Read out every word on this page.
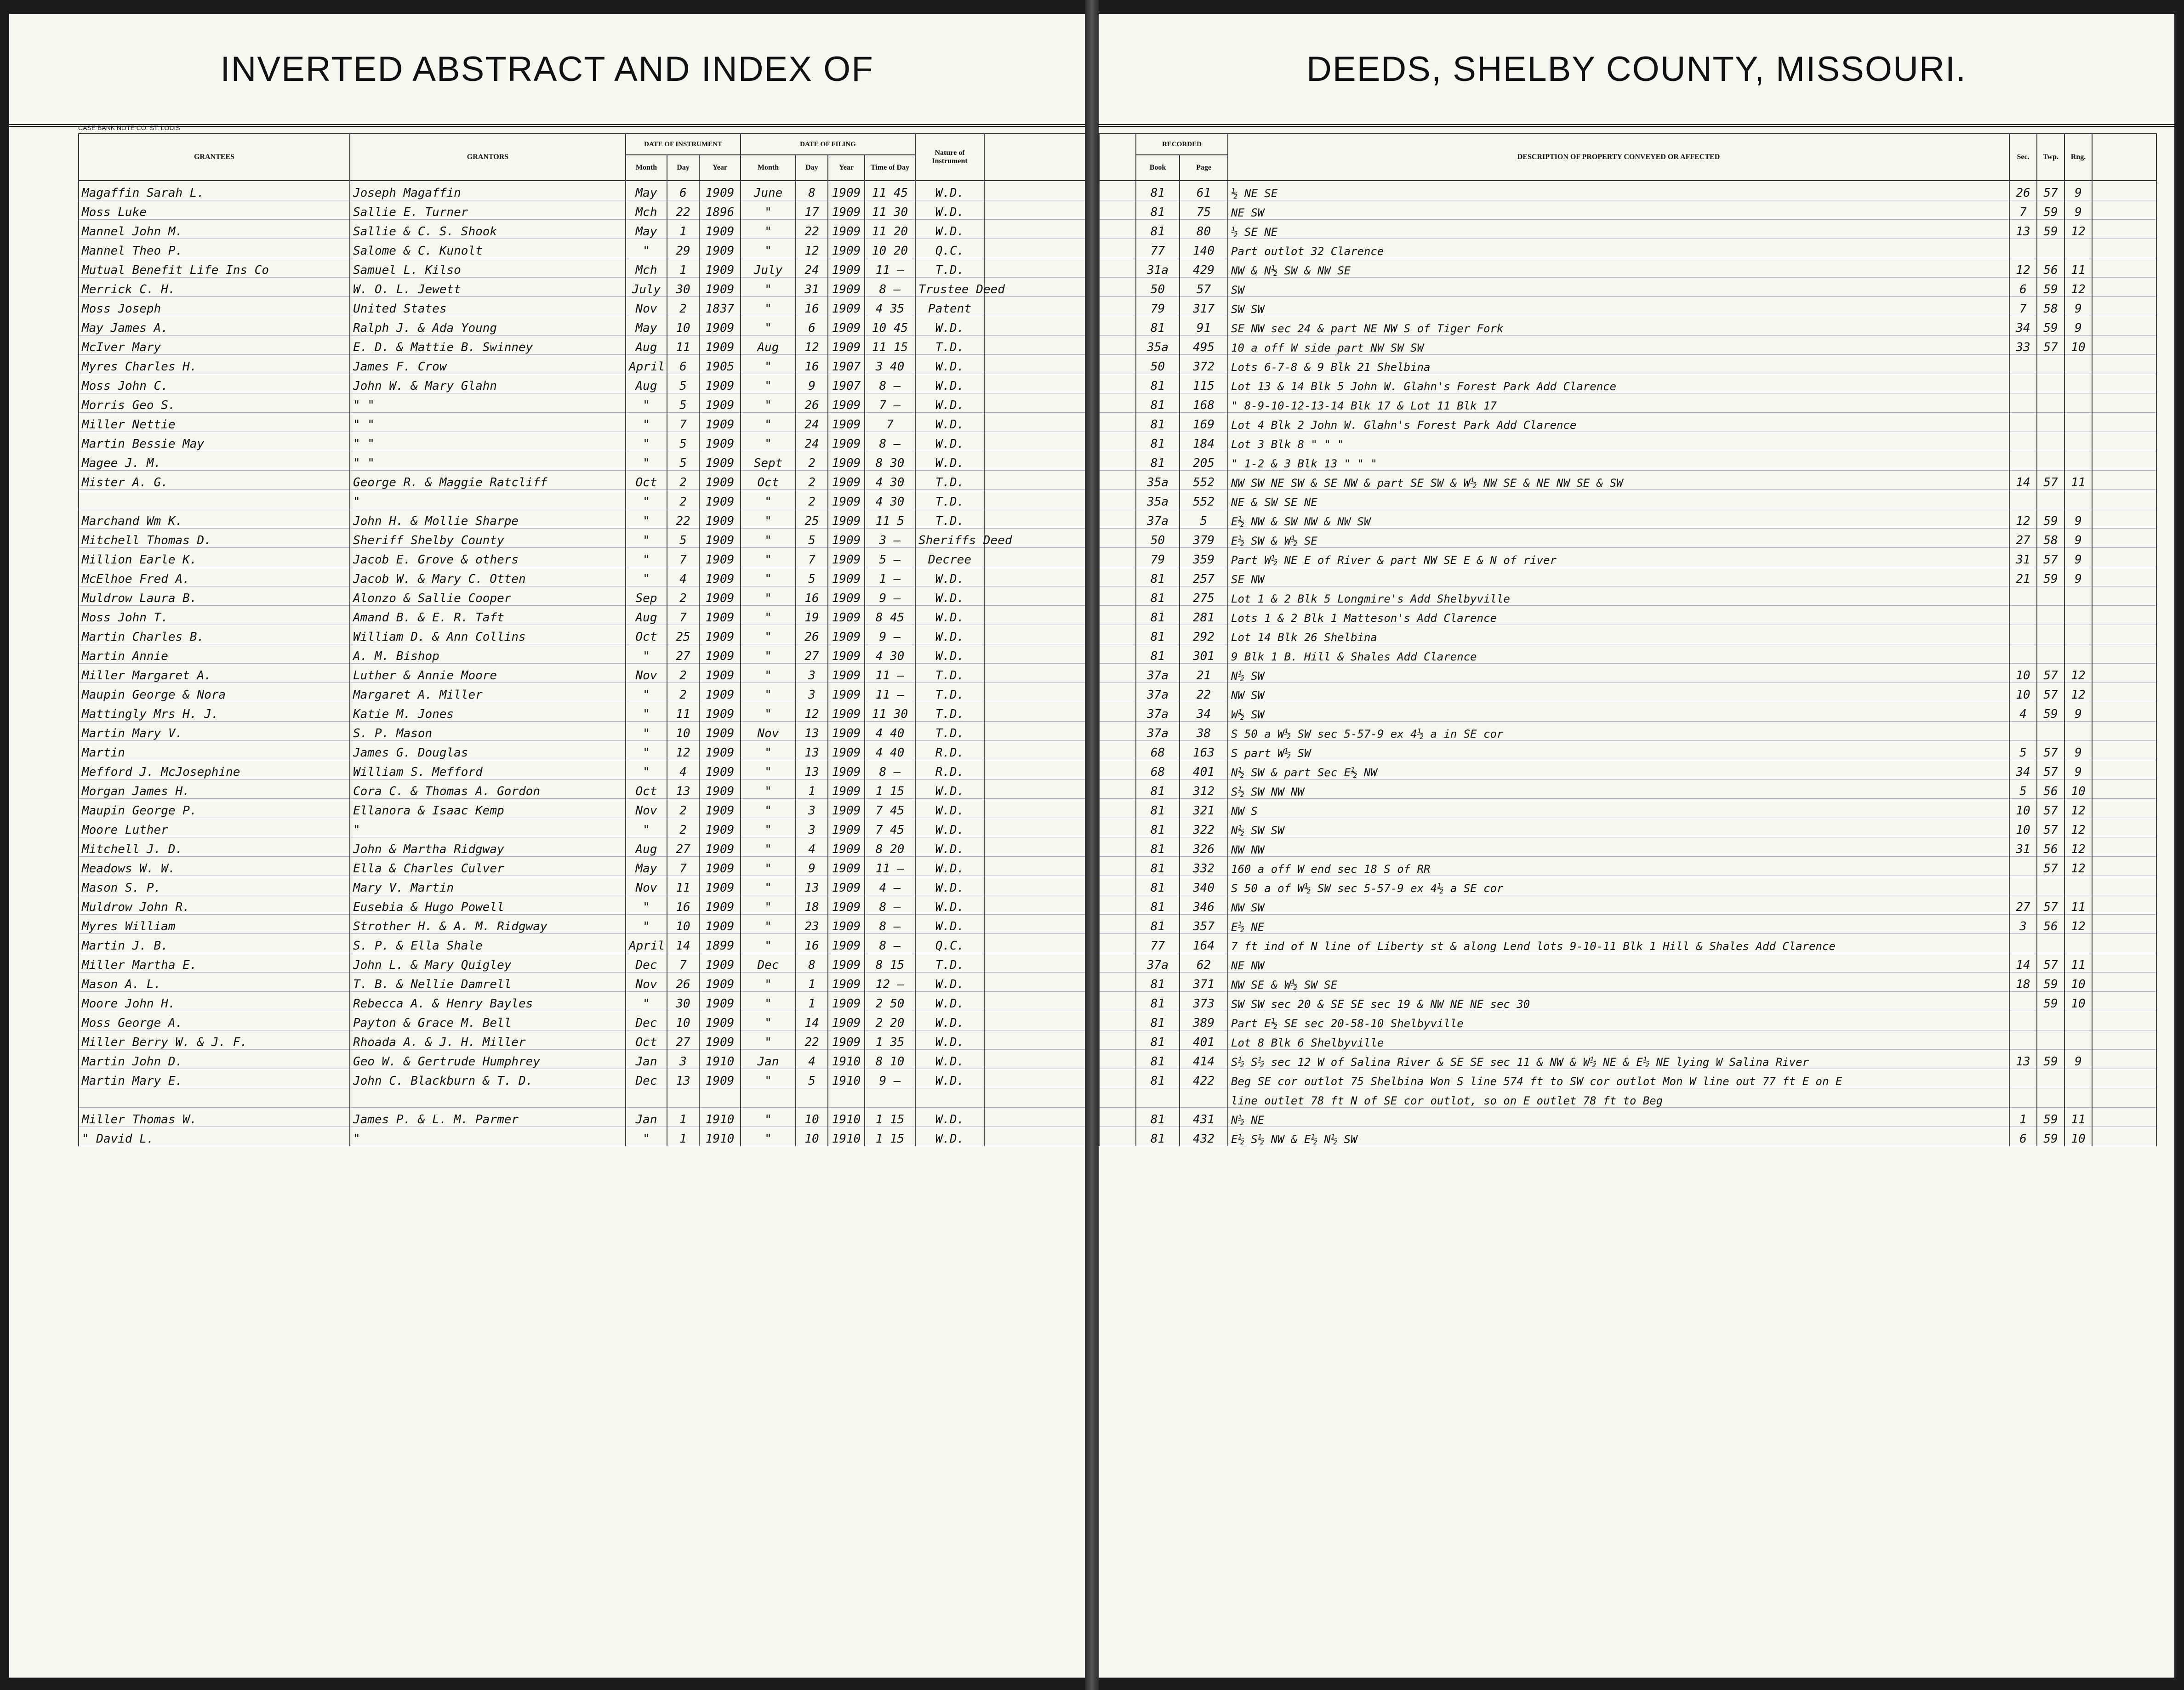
INVERTED ABSTRACT AND INDEX OF
CASE BANK NOTE CO. ST. LOUIS
GRANTEES	GRANTORS	DATE OF INSTRUMENT			DATE OF FILING				Nature of Instrument	
		Month	Day	Year	Month	Day	Year	Time of Day		
Magaffin Sarah L.	Joseph Magaffin	May	6	1909	June	8	1909	11 45	W.D.	
Moss Luke	Sallie E. Turner	Mch	22	1896	"	17	1909	11 30	W.D.	
Mannel John M.	Sallie & C. S. Shook	May	1	1909	"	22	1909	11 20	W.D.	
Mannel Theo P.	Salome & C. Kunolt	"	29	1909	"	12	1909	10 20	Q.C.	
Mutual Benefit Life Ins Co	Samuel L. Kilso	Mch	1	1909	July	24	1909	11 –	T.D.	
Merrick C. H.	W. O. L. Jewett	July	30	1909	"	31	1909	8 –	Trustee Deed	
Moss Joseph	United States	Nov	2	1837	"	16	1909	4 35	Patent	
May James A.	Ralph J. & Ada Young	May	10	1909	"	6	1909	10 45	W.D.	
McIver Mary	E. D. & Mattie B. Swinney	Aug	11	1909	Aug	12	1909	11 15	T.D.	
Myres Charles H.	James F. Crow	April	6	1905	"	16	1907	3 40	W.D.	
Moss John C.	John W. & Mary Glahn	Aug	5	1909	"	9	1907	8 –	W.D.	
Morris Geo S.	" "	"	5	1909	"	26	1909	7 –	W.D.	
Miller Nettie	" "	"	7	1909	"	24	1909	7	W.D.	
Martin Bessie May	" "	"	5	1909	"	24	1909	8 –	W.D.	
Magee J. M.	" "	"	5	1909	Sept	2	1909	8 30	W.D.	
Mister A. G.	George R. & Maggie Ratcliff	Oct	2	1909	Oct	2	1909	4 30	T.D.	
	"	"	2	1909	"	2	1909	4 30	T.D.	
Marchand Wm K.	John H. & Mollie Sharpe	"	22	1909	"	25	1909	11 5	T.D.	
Mitchell Thomas D.	Sheriff Shelby County	"	5	1909	"	5	1909	3 –	Sheriffs Deed	
Million Earle K.	Jacob E. Grove & others	"	7	1909	"	7	1909	5 –	Decree	
McElhoe Fred A.	Jacob W. & Mary C. Otten	"	4	1909	"	5	1909	1 –	W.D.	
Muldrow Laura B.	Alonzo & Sallie Cooper	Sep	2	1909	"	16	1909	9 –	W.D.	
Moss John T.	Amand B. & E. R. Taft	Aug	7	1909	"	19	1909	8 45	W.D.	
Martin Charles B.	William D. & Ann Collins	Oct	25	1909	"	26	1909	9 –	W.D.	
Martin Annie	A. M. Bishop	"	27	1909	"	27	1909	4 30	W.D.	
Miller Margaret A.	Luther & Annie Moore	Nov	2	1909	"	3	1909	11 –	T.D.	
Maupin George & Nora	Margaret A. Miller	"	2	1909	"	3	1909	11 –	T.D.	
Mattingly Mrs H. J.	Katie M. Jones	"	11	1909	"	12	1909	11 30	T.D.	
Martin Mary V.	S. P. Mason	"	10	1909	Nov	13	1909	4 40	T.D.	
Martin	James G. Douglas	"	12	1909	"	13	1909	4 40	R.D.	
Mefford J. McJosephine	William S. Mefford	"	4	1909	"	13	1909	8 –	R.D.	
Morgan James H.	Cora C. & Thomas A. Gordon	Oct	13	1909	"	1	1909	1 15	W.D.	
Maupin George P.	Ellanora & Isaac Kemp	Nov	2	1909	"	3	1909	7 45	W.D.	
Moore Luther	"	"	2	1909	"	3	1909	7 45	W.D.	
Mitchell J. D.	John & Martha Ridgway	Aug	27	1909	"	4	1909	8 20	W.D.	
Meadows W. W.	Ella & Charles Culver	May	7	1909	"	9	1909	11 –	W.D.	
Mason S. P.	Mary V. Martin	Nov	11	1909	"	13	1909	4 –	W.D.	
Muldrow John R.	Eusebia & Hugo Powell	"	16	1909	"	18	1909	8 –	W.D.	
Myres William	Strother H. & A. M. Ridgway	"	10	1909	"	23	1909	8 –	W.D.	
Martin J. B.	S. P. & Ella Shale	April	14	1899	"	16	1909	8 –	Q.C.	
Miller Martha E.	John L. & Mary Quigley	Dec	7	1909	Dec	8	1909	8 15	T.D.	
Mason A. L.	T. B. & Nellie Damrell	Nov	26	1909	"	1	1909	12 –	W.D.	
Moore John H.	Rebecca A. & Henry Bayles	"	30	1909	"	1	1909	2 50	W.D.	
Moss George A.	Payton & Grace M. Bell	Dec	10	1909	"	14	1909	2 20	W.D.	
Miller Berry W. & J. F.	Rhoada A. & J. H. Miller	Oct	27	1909	"	22	1909	1 35	W.D.	
Martin John D.	Geo W. & Gertrude Humphrey	Jan	3	1910	Jan	4	1910	8 10	W.D.	
Martin Mary E.	John C. Blackburn & T. D.	Dec	13	1909	"	5	1910	9 –	W.D.	

Miller Thomas W.	James P. & L. M. Parmer	Jan	1	1910	"	10	1910	1 15	W.D.	
" David L.	"	"	1	1910	"	10	1910	1 15	W.D.	
DEEDS, SHELBY COUNTY, MISSOURI.
	RECORDED		DESCRIPTION OF PROPERTY CONVEYED OR AFFECTED	Sec.	Twp.	Rng.	
	Book	Page					
	81	61	½ NE SE	26	57	9	
	81	75	NE SW	7	59	9	
	81	80	½ SE NE	13	59	12	
	77	140	Part outlot 32 Clarence				
	31a	429	NW & N½ SW & NW SE	12	56	11	
	50	57	SW	6	59	12	
	79	317	SW SW	7	58	9	
	81	91	SE NW sec 24 & part NE NW S of Tiger Fork	34	59	9	
	35a	495	10 a off W side part NW SW SW	33	57	10	
	50	372	Lots 6-7-8 & 9 Blk 21 Shelbina				
	81	115	Lot 13 & 14 Blk 5 John W. Glahn's Forest Park Add Clarence				
	81	168	" 8-9-10-12-13-14 Blk 17 & Lot 11 Blk 17				
	81	169	Lot 4 Blk 2 John W. Glahn's Forest Park Add Clarence				
	81	184	Lot 3 Blk 8 " " "				
	81	205	" 1-2 & 3 Blk 13 " " "				
	35a	552	NW SW NE SW & SE NW & part SE SW & W½ NW SE & NE NW SE & SW	14	57	11	
	35a	552	NE & SW SE NE				
	37a	5	E½ NW & SW NW & NW SW	12	59	9	
	50	379	E½ SW & W½ SE	27	58	9	
	79	359	Part W½ NE E of River & part NW SE E & N of river	31	57	9	
	81	257	SE NW	21	59	9	
	81	275	Lot 1 & 2 Blk 5 Longmire's Add Shelbyville				
	81	281	Lots 1 & 2 Blk 1 Matteson's Add Clarence				
	81	292	Lot 14 Blk 26 Shelbina				
	81	301	9 Blk 1 B. Hill & Shales Add Clarence				
	37a	21	N½ SW	10	57	12	
	37a	22	NW SW	10	57	12	
	37a	34	W½ SW	4	59	9	
	37a	38	S 50 a W½ SW sec 5-57-9 ex 4½ a in SE cor				
	68	163	S part W½ SW	5	57	9	
	68	401	N½ SW & part Sec E½ NW	34	57	9	
	81	312	S½ SW NW NW	5	56	10	
	81	321	NW S	10	57	12	
	81	322	N½ SW SW	10	57	12	
	81	326	NW NW	31	56	12	
	81	332	160 a off W end sec 18 S of RR		57	12	
	81	340	S 50 a of W½ SW sec 5-57-9 ex 4½ a SE cor				
	81	346	NW SW	27	57	11	
	81	357	E½ NE	3	56	12	
	77	164	7 ft ind of N line of Liberty st & along Lend lots 9-10-11 Blk 1 Hill & Shales Add Clarence				
	37a	62	NE NW	14	57	11	
	81	371	NW SE & W½ SW SE	18	59	10	
	81	373	SW SW sec 20 & SE SE sec 19 & NW NE NE sec 30		59	10	
	81	389	Part E½ SE sec 20-58-10 Shelbyville				
	81	401	Lot 8 Blk 6 Shelbyville				
	81	414	S½ S½ sec 12 W of Salina River & SE SE sec 11 & NW & W½ NE & E½ NE lying W Salina River	13	59	9	
	81	422	Beg SE cor outlot 75 Shelbina Won S line 574 ft to SW cor outlot Mon W line out 77 ft E on E				
			line outlet 78 ft N of SE cor outlot, so on E outlet 78 ft to Beg				
	81	431	N½ NE	1	59	11	
	81	432	E½ S½ NW & E½ N½ SW	6	59	10	
